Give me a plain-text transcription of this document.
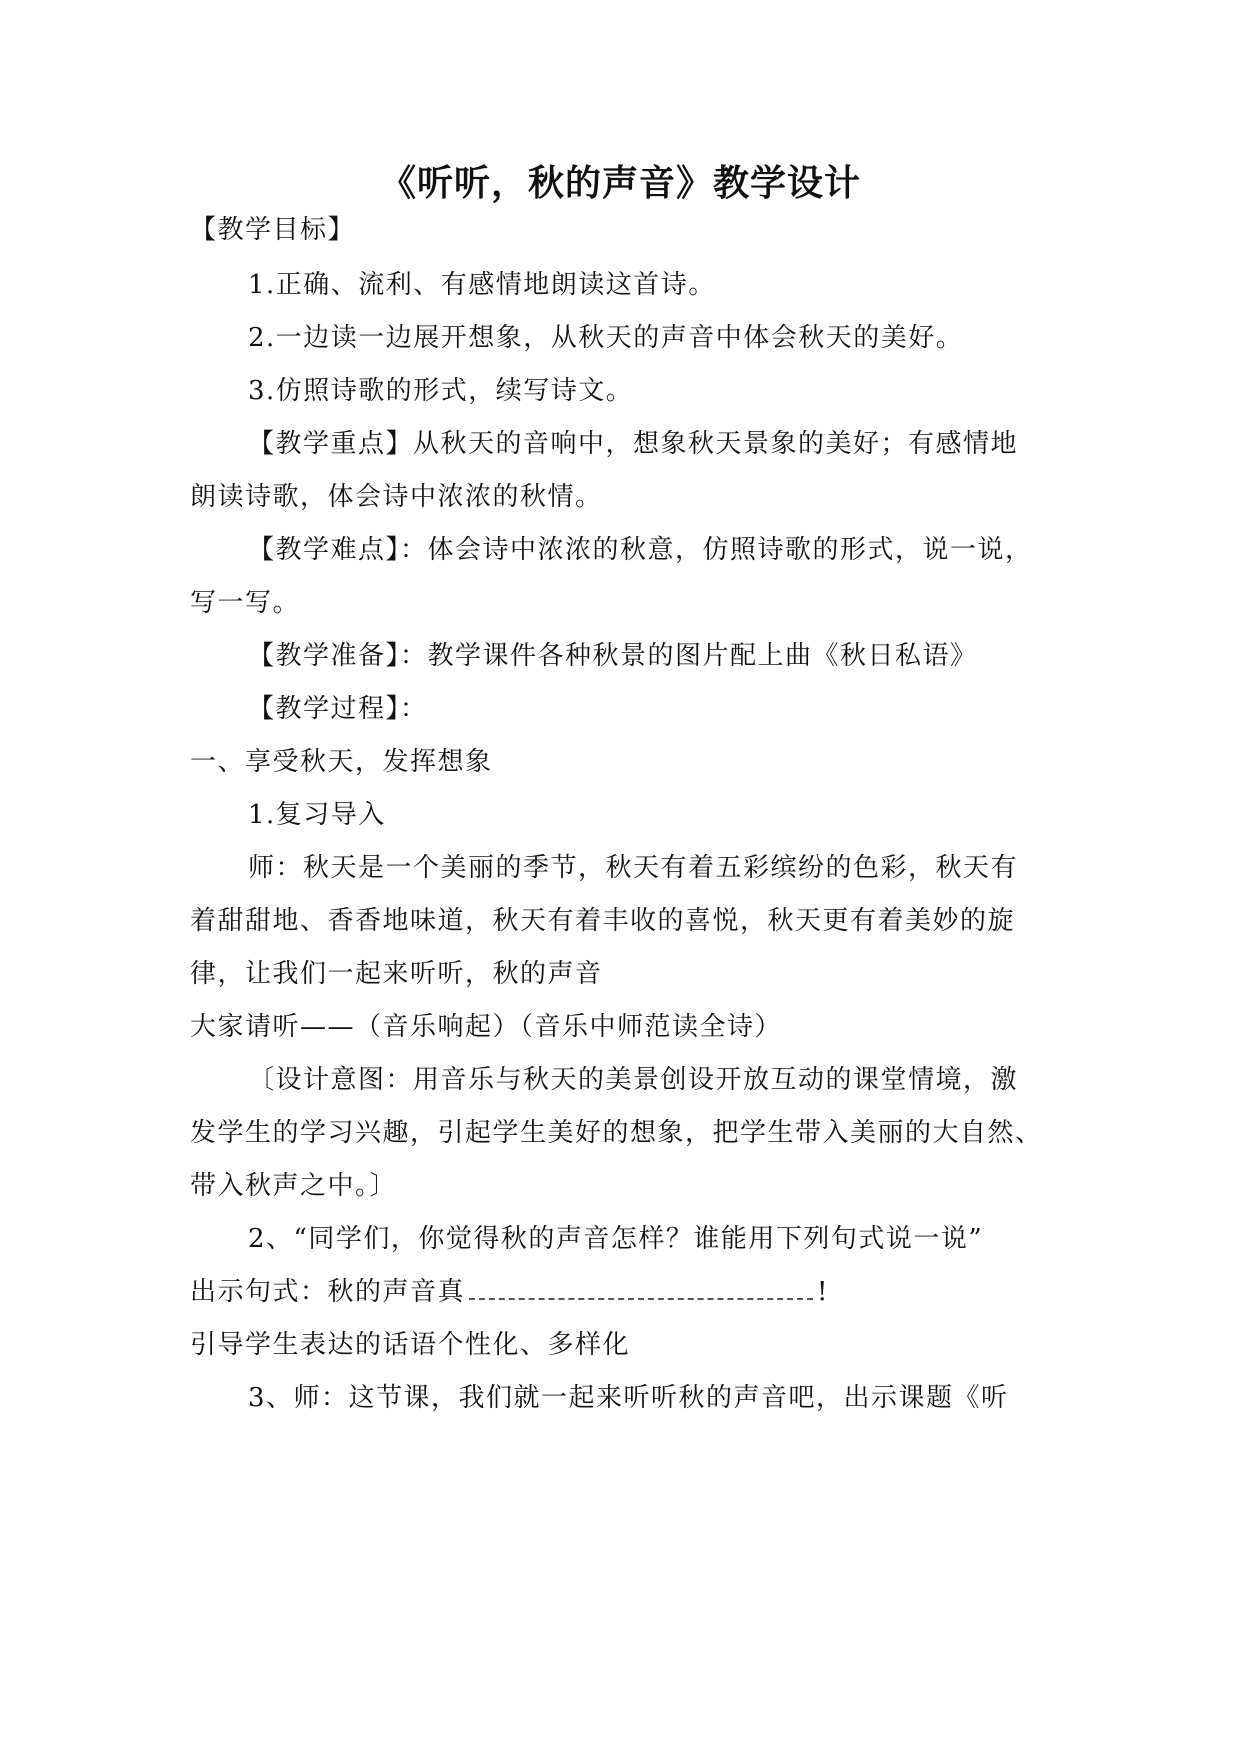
《听听，秋的声音》教学设计
【教学目标】
1.正确、流利、有感情地朗读这首诗。
2.一边读一边展开想象，从秋天的声音中体会秋天的美好。
3.仿照诗歌的形式，续写诗文。
【教学重点】从秋天的音响中，想象秋天景象的美好；有感情地
朗读诗歌，体会诗中浓浓的秋情。
【教学难点】：体会诗中浓浓的秋意，仿照诗歌的形式，说一说，
写一写。
【教学准备】：教学课件各种秋景的图片配上曲《秋日私语》
【教学过程】：
一、享受秋天，发挥想象
1.复习导入
师：秋天是一个美丽的季节，秋天有着五彩缤纷的色彩，秋天有
着甜甜地、香香地味道，秋天有着丰收的喜悦，秋天更有着美妙的旋
律，让我们一起来听听，秋的声音
大家请听——（音乐响起）（音乐中师范读全诗）
〔设计意图：用音乐与秋天的美景创设开放互动的课堂情境，激
发学生的学习兴趣，引起学生美好的想象，把学生带入美丽的大自然、
带入秋声之中。〕
2、“同学们，你觉得秋的声音怎样？谁能用下列句式说一说”
出示句式：秋的声音真	!
引导学生表达的话语个性化、多样化
3、师：这节课，我们就一起来听听秋的声音吧，出示课题《听
